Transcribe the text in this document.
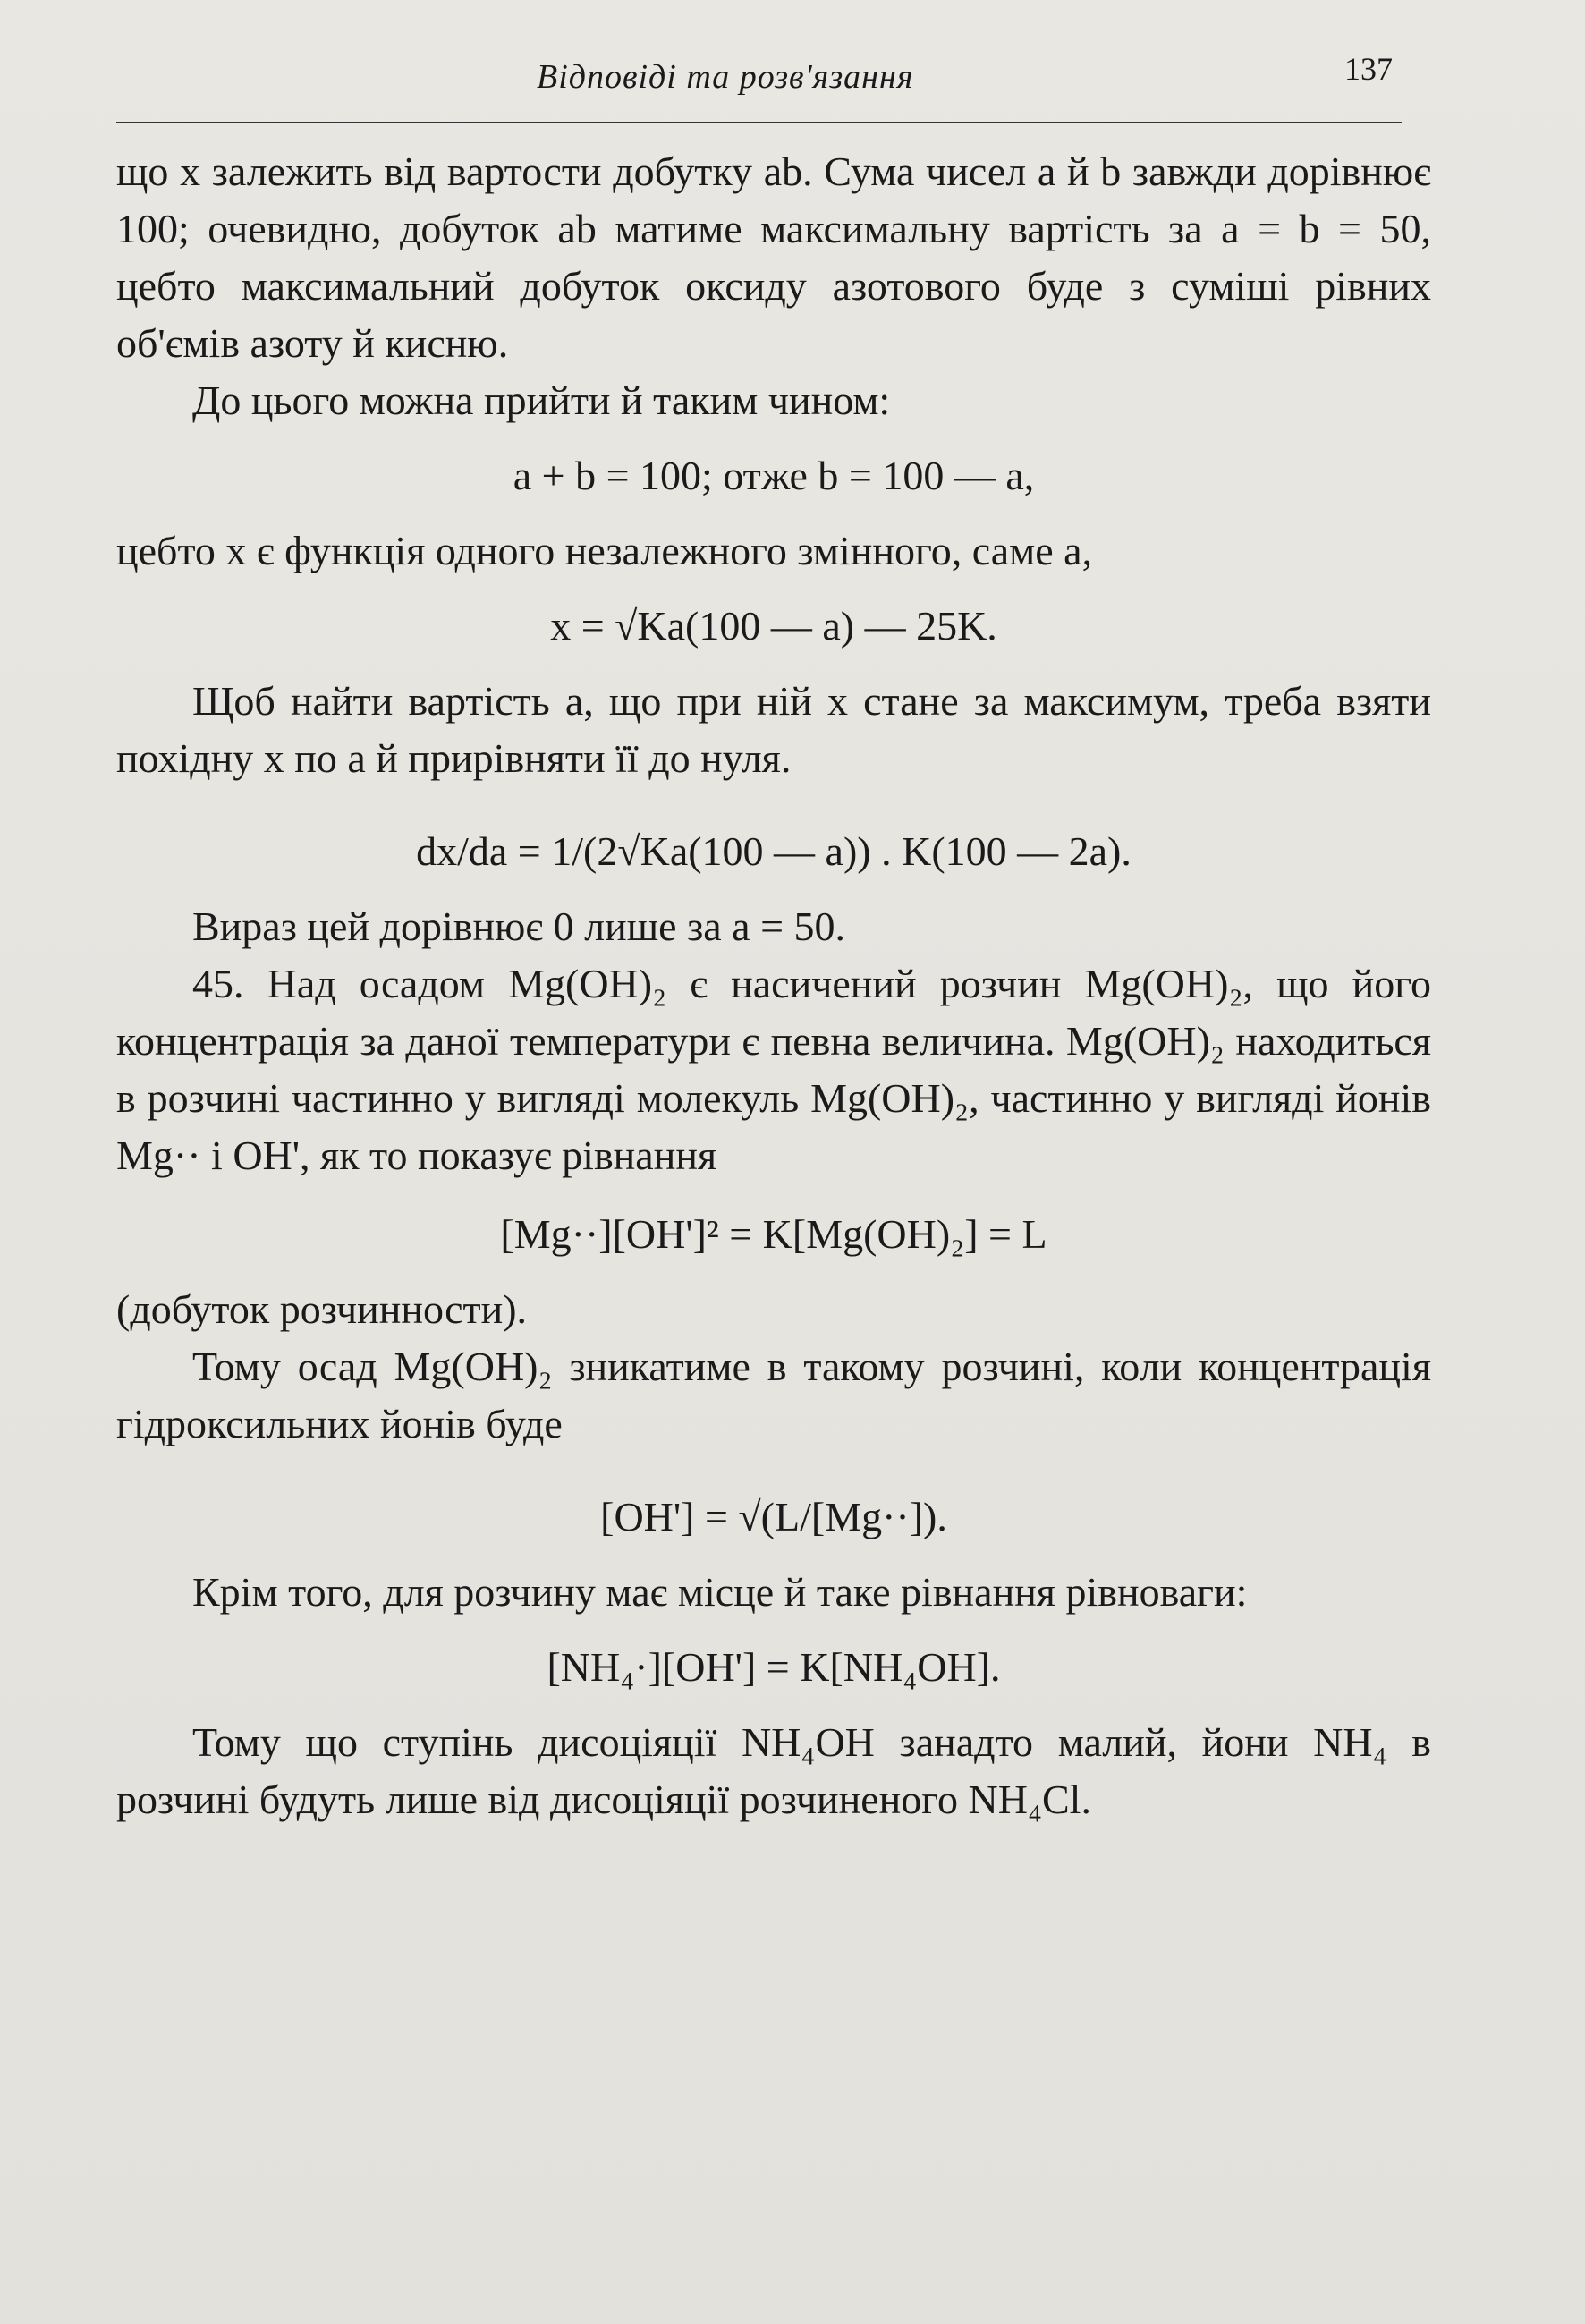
Відповіді та розв'язання	137

що x залежить від вартости добутку ab. Сума чисел a й b завжди дорівнює 100; очевидно, добуток ab матиме максимальну вартість за a = b = 50, цебто максимальний добуток оксиду азотового буде з суміші рівних об'ємів азоту й кисню.

До цього можна прийти й таким чином:

a + b = 100; отже b = 100 — a,

цебто x є функція одного незалежного змінного, саме a,

x = √Ka(100 — a) — 25K.

Щоб найти вартість a, що при ній x стане за максимум, треба взяти похідну x по a й прирівняти її до нуля.

dx/da = 1/(2√Ka(100 — a)) . K(100 — 2a).

Вираз цей дорівнює 0 лише за a = 50.

45. Над осадом Mg(OH)₂ є насичений розчин Mg(OH)₂, що його концентрація за даної температури є певна величина. Mg(OH)₂ находиться в розчині частинно у вигляді молекуль Mg(OH)₂, частинно у вигляді йонів Mg·· і OH', як то показує рівнання

[Mg··][OH']² = K[Mg(OH)₂] = L

(добуток розчинности).

Тому осад Mg(OH)₂ зникатиме в такому розчині, коли концентрація гідроксильних йонів буде

[OH'] = √(L/[Mg··]).

Крім того, для розчину має місце й таке рівнання рівноваги:

[NH₄·][OH'] = K[NH₄OH].

Тому що ступінь дисоціяції NH₄OH занадто малий, йони NH₄ в розчині будуть лише від дисоціяції розчиненого NH₄Cl.
